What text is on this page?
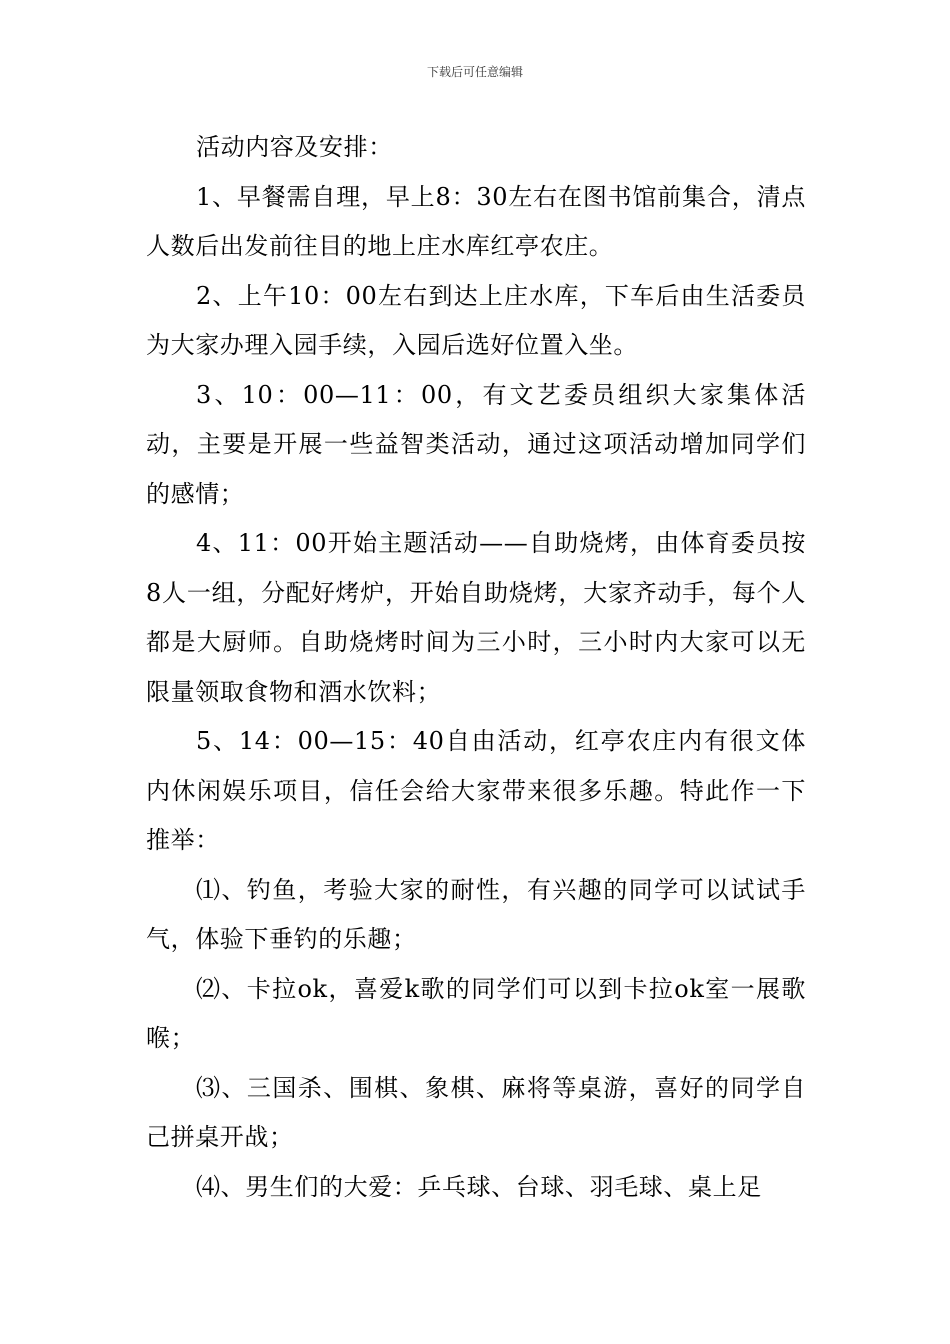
下载后可任意编辑

活动内容及安排：

1、早餐需自理，早上8：30左右在图书馆前集合，清点人数后出发前往目的地上庄水库红亭农庄。

2、上午10：00左右到达上庄水库，下车后由生活委员为大家办理入园手续，入园后选好位置入坐。

3、10：00—11：00，有文艺委员组织大家集体活动，主要是开展一些益智类活动，通过这项活动增加同学们的感情；

4、11：00开始主题活动——自助烧烤，由体育委员按8人一组，分配好烤炉，开始自助烧烤，大家齐动手，每个人都是大厨师。自助烧烤时间为三小时，三小时内大家可以无限量领取食物和酒水饮料；

5、14：00—15：40自由活动，红亭农庄内有很文体内休闲娱乐项目，信任会给大家带来很多乐趣。特此作一下推举：

⑴、钓鱼，考验大家的耐性，有兴趣的同学可以试试手气，体验下垂钓的乐趣；

⑵、卡拉ok，喜爱k歌的同学们可以到卡拉ok室一展歌喉；

⑶、三国杀、围棋、象棋、麻将等桌游，喜好的同学自己拼桌开战；

⑷、男生们的大爱：乒乓球、台球、羽毛球、桌上足
